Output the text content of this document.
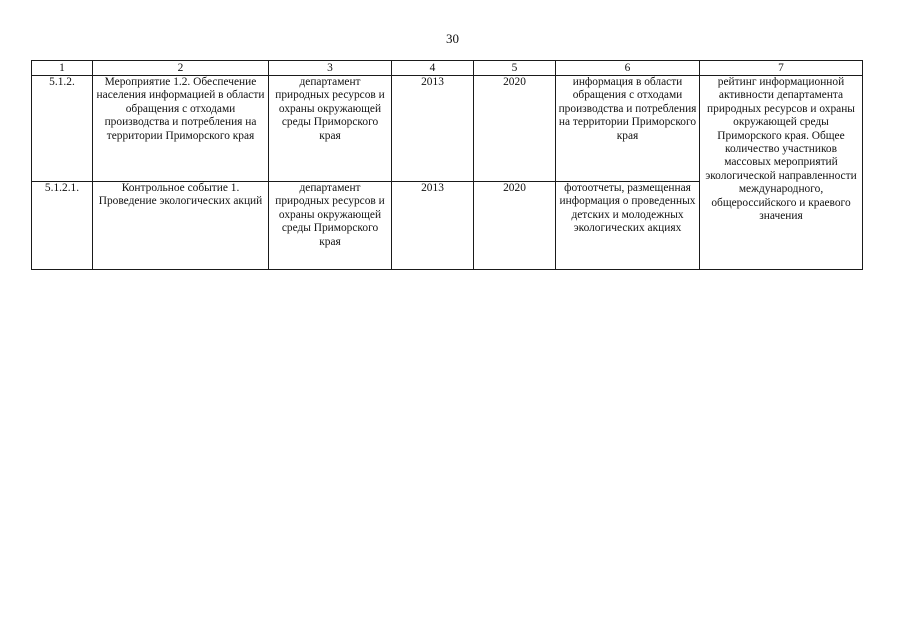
30
1	2	3	4	5	6	7

5.1.2.	Мероприятие 1.2. Обеспечение населения информацией в области обращения с отходами производства и потребления на территории Приморского края	департамент природных ресурсов и охраны окружающей среды Приморского края	2013	2020	информация в области обращения с отходами производства и потребления на территории Приморского края	рейтинг информационной активности департамента природных ресурсов и охраны окружающей среды Приморского края. Общее количество участников массовых мероприятий экологической направленности международного, общероссийского и краевого значения

5.1.2.1.	Контрольное событие 1. Проведение экологических акций	департамент природных ресурсов и охраны окружающей среды Приморского края	2013	2020	фотоотчеты, размещенная информация о проведенных детских и молодежных экологических акциях	
